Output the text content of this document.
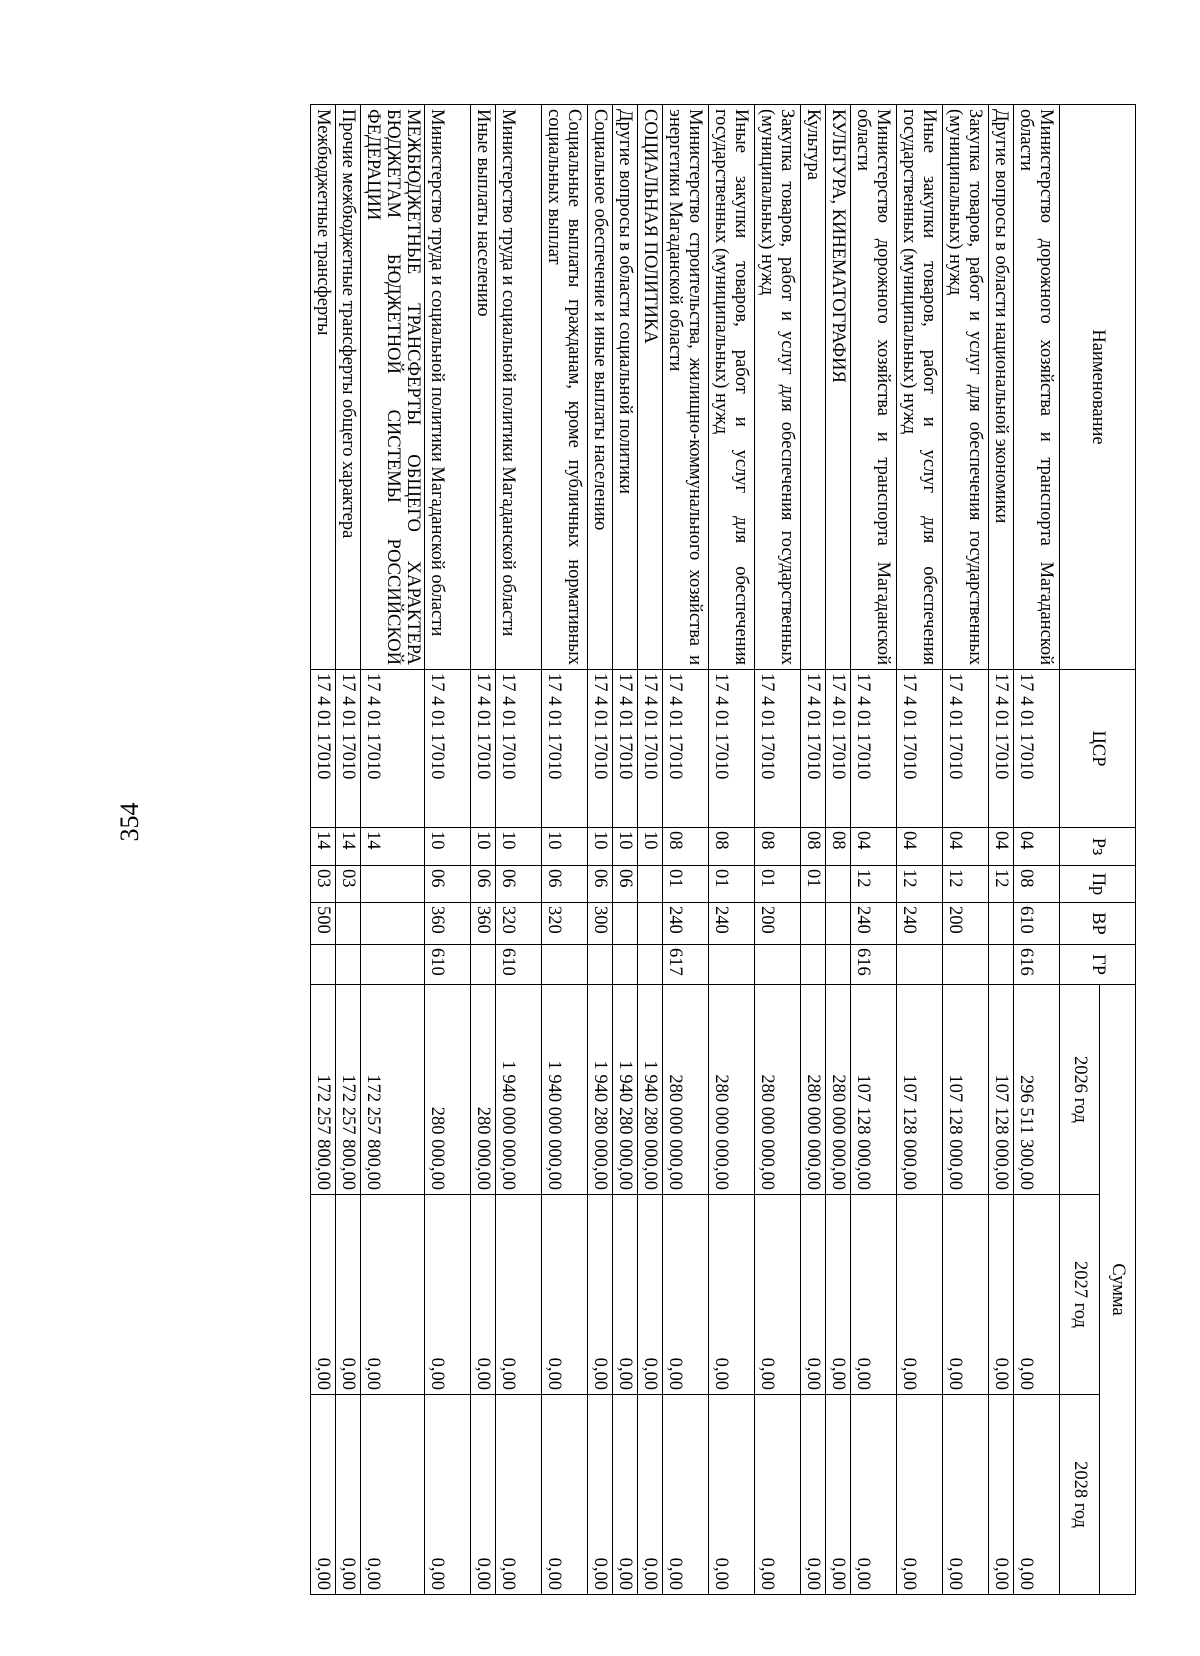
354
Наименование	ЦСР	Рз	Пр	ВР	ГР	Сумма		
						2026 год	2027 год	2028 год
Министерство дорожного хозяйства и транспорта Магаданской области	17 4 01 17010	04	08	610	616	296 511 300,00	0,00	0,00
Другие вопросы в области национальной экономики	17 4 01 17010	04	12			107 128 000,00	0,00	0,00
Закупка товаров, работ и услуг для обеспечения государственных (муниципальных) нужд	17 4 01 17010	04	12	200		107 128 000,00	0,00	0,00
Иные закупки товаров, работ и услуг для обеспечения государственных (муниципальных) нужд	17 4 01 17010	04	12	240		107 128 000,00	0,00	0,00
Министерство дорожного хозяйства и транспорта Магаданской области	17 4 01 17010	04	12	240	616	107 128 000,00	0,00	0,00
КУЛЬТУРА, КИНЕМАТОГРАФИЯ	17 4 01 17010	08				280 000 000,00	0,00	0,00
Культура	17 4 01 17010	08	01			280 000 000,00	0,00	0,00
Закупка товаров, работ и услуг для обеспечения государственных (муниципальных) нужд	17 4 01 17010	08	01	200		280 000 000,00	0,00	0,00
Иные закупки товаров, работ и услуг для обеспечения государственных (муниципальных) нужд	17 4 01 17010	08	01	240		280 000 000,00	0,00	0,00
Министерство строительства, жилищно-коммунального хозяйства и энергетики Магаданской области	17 4 01 17010	08	01	240	617	280 000 000,00	0,00	0,00
СОЦИАЛЬНАЯ ПОЛИТИКА	17 4 01 17010	10				1 940 280 000,00	0,00	0,00
Другие вопросы в области социальной политики	17 4 01 17010	10	06			1 940 280 000,00	0,00	0,00
Социальное обеспечение и иные выплаты населению	17 4 01 17010	10	06	300		1 940 280 000,00	0,00	0,00
Социальные выплаты гражданам, кроме публичных нормативных социальных выплат	17 4 01 17010	10	06	320		1 940 000 000,00	0,00	0,00
Министерство труда и социальной политики Магаданской области	17 4 01 17010	10	06	320	610	1 940 000 000,00	0,00	0,00
Иные выплаты населению	17 4 01 17010	10	06	360		280 000,00	0,00	0,00
Министерство труда и социальной политики Магаданской области	17 4 01 17010	10	06	360	610	280 000,00	0,00	0,00
МЕЖБЮДЖЕТНЫЕ ТРАНСФЕРТЫ ОБЩЕГО ХАРАКТЕРА БЮДЖЕТАМ БЮДЖЕТНОЙ СИСТЕМЫ РОССИЙСКОЙ ФЕДЕРАЦИИ	17 4 01 17010	14				172 257 800,00	0,00	0,00
Прочие межбюджетные трансферты общего характера	17 4 01 17010	14	03			172 257 800,00	0,00	0,00
Межбюджетные трансферты	17 4 01 17010	14	03	500		172 257 800,00	0,00	0,00
